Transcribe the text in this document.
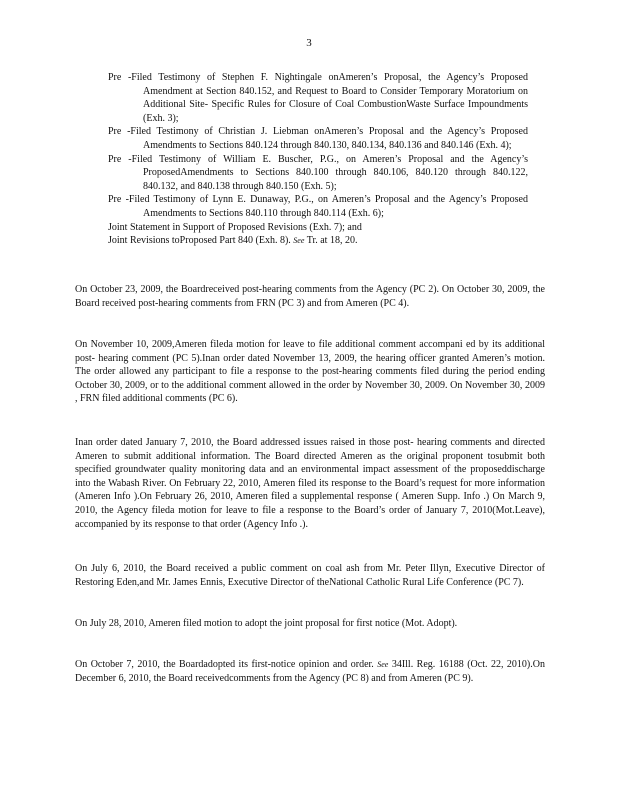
3

Pre -Filed Testimony of Stephen F. Nightingale onAmeren’s Proposal, the Agency’s Proposed Amendment at Section 840.152, and Request to Board to Consider Temporary Moratorium on Additional Site- Specific Rules for Closure of Coal CombustionWaste Surface Impoundments (Exh. 3);

Pre -Filed Testimony of Christian J. Liebman onAmeren’s Proposal and the Agency’s Proposed Amendments to Sections 840.124 through 840.130, 840.134, 840.136 and 840.146 (Exh. 4);

Pre -Filed Testimony of William E. Buscher, P.G., on Ameren’s Proposal and the Agency’s ProposedAmendments to Sections 840.100 through 840.106, 840.120 through 840.122, 840.132, and 840.138 through 840.150 (Exh. 5);

Pre -Filed Testimony of Lynn E. Dunaway, P.G., on Ameren’s Proposal and the Agency’s Proposed Amendments to Sections 840.110 through 840.114 (Exh. 6);

Joint Statement in Support of Proposed Revisions (Exh. 7); and

Joint Revisions toProposed Part 840 (Exh. 8). See Tr. at 18, 20.

On October 23, 2009, the Boardreceived post-hearing comments from the Agency (PC 2). On October 30, 2009, the Board received post-hearing comments from FRN (PC 3) and from Ameren (PC 4).

On November 10, 2009,Ameren fileda motion for leave to file additional comment accompani ed by its additional post- hearing comment (PC 5).Inan order dated November 13, 2009, the hearing officer granted Ameren’s motion. The order allowed any participant to file a response to the post-hearing comments filed during the period ending October 30, 2009, or to the additional comment allowed in the order by November 30, 2009. On November 30, 2009 , FRN filed additional comments (PC 6).

Inan order dated January 7, 2010, the Board addressed issues raised in those post- hearing comments and directed Ameren to submit additional information. The Board directed Ameren as the original proponent tosubmit both specified groundwater quality monitoring data and an environmental impact assessment of the proposeddischarge into the Wabash River. On February 22, 2010, Ameren filed its response to the Board’s request for more information (Ameren Info ).On February 26, 2010, Ameren filed a supplemental response ( Ameren Supp. Info .) On March 9, 2010, the Agency fileda motion for leave to file a response to the Board’s order of January 7, 2010(Mot.Leave), accompanied by its response to that order (Agency Info .).

On July 6, 2010, the Board received a public comment on coal ash from Mr. Peter Illyn, Executive Director of Restoring Eden,and Mr. James Ennis, Executive Director of theNational Catholic Rural Life Conference (PC 7).

On July 28, 2010, Ameren filed motion to adopt the joint proposal for first notice (Mot. Adopt).

On October 7, 2010, the Boardadopted its first-notice opinion and order. See 34Ill. Reg. 16188 (Oct. 22, 2010).On December 6, 2010, the Board receivedcomments from the Agency (PC 8) and from Ameren (PC 9).
